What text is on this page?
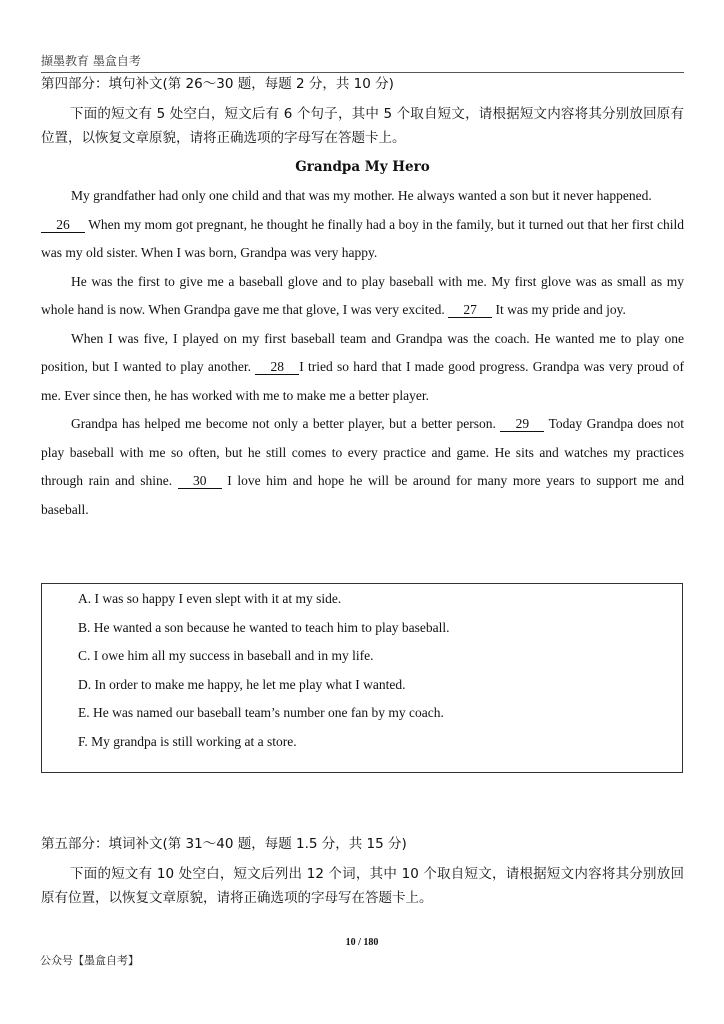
撷墨教育 墨盒自考

第四部分：填句补文(第 26～30 题，每题 2 分，共 10 分)

下面的短文有 5 处空白，短文后有 6 个句子，其中 5 个取自短文，请根据短文内容将其分别放回原有位置，以恢复文章原貌，请将正确选项的字母写在答题卡上。

Grandpa My Hero

My grandfather had only one child and that was my mother. He always wanted a son but it never happened.
26 When my mom got pregnant, he thought he finally had a boy in the family, but it turned out that her first child was my old sister. When I was born, Grandpa was very happy.

He was the first to give me a baseball glove and to play baseball with me. My first glove was as small as my whole hand is now. When Grandpa gave me that glove, I was very excited. 27 It was my pride and joy.

When I was five, I played on my first baseball team and Grandpa was the coach. He wanted me to play one position, but I wanted to play another. 28 I tried so hard that I made good progress. Grandpa was very proud of me. Ever since then, he has worked with me to make me a better player.

Grandpa has helped me become not only a better player, but a better person. 29 Today Grandpa does not play baseball with me so often, but he still comes to every practice and game. He sits and watches my practices through rain and shine. 30 I love him and hope he will be around for many more years to support me and baseball.

A. I was so happy I even slept with it at my side.
B. He wanted a son because he wanted to teach him to play baseball.
C. I owe him all my success in baseball and in my life.
D. In order to make me happy, he let me play what I wanted.
E. He was named our baseball team’s number one fan by my coach.
F. My grandpa is still working at a store.

第五部分：填词补文(第 31～40 题，每题 1.5 分，共 15 分)

下面的短文有 10 处空白，短文后列出 12 个词，其中 10 个取自短文，请根据短文内容将其分别放回原有位置，以恢复文章原貌，请将正确选项的字母写在答题卡上。

10 / 180
公众号【墨盒自考】
